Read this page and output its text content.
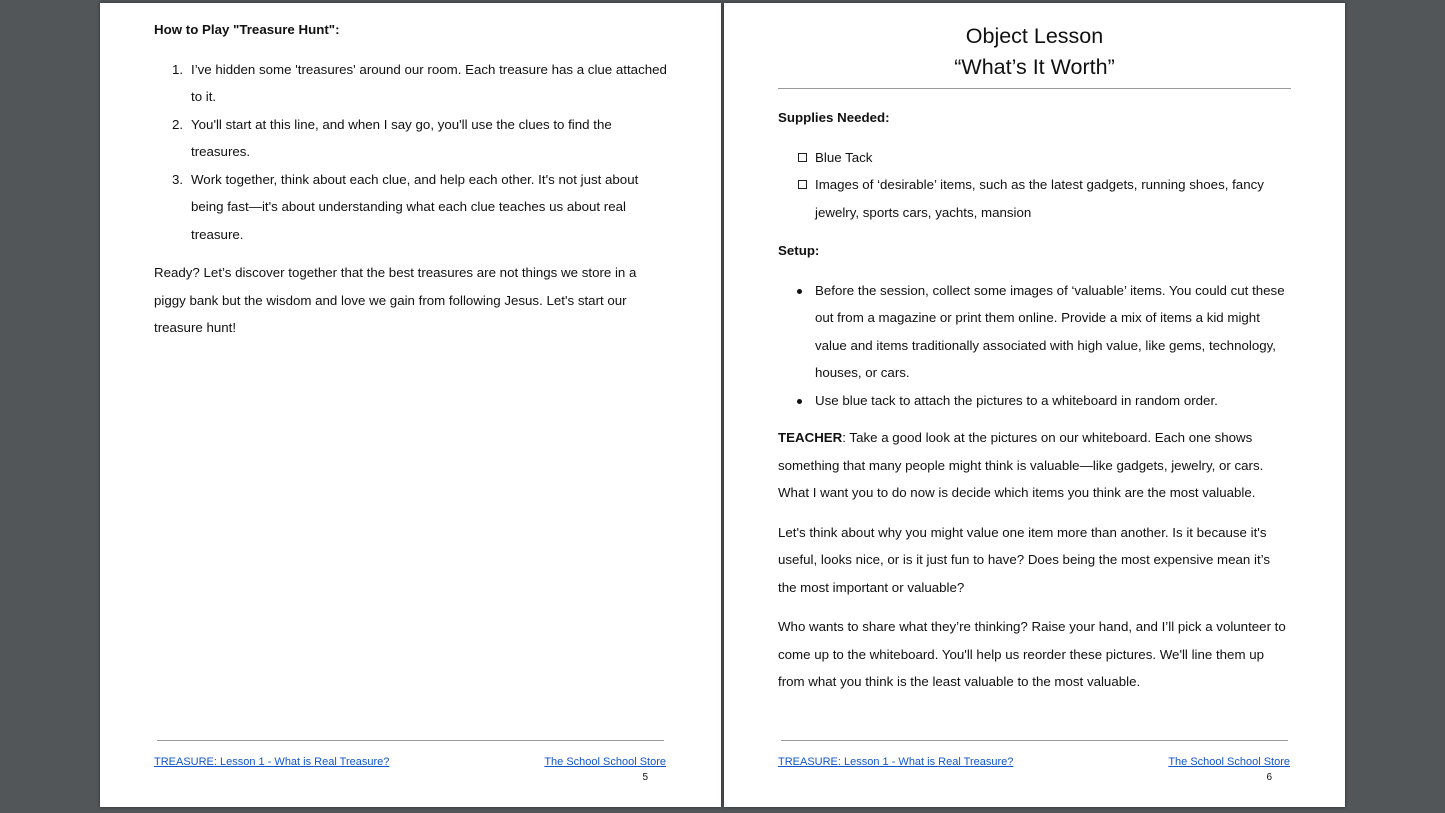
How to Play "Treasure Hunt":

1. I’ve hidden some 'treasures' around our room. Each treasure has a clue attached to it.
2. You'll start at this line, and when I say go, you'll use the clues to find the treasures.
3. Work together, think about each clue, and help each other. It's not just about being fast—it's about understanding what each clue teaches us about real treasure.

Ready? Let’s discover together that the best treasures are not things we store in a piggy bank but the wisdom and love we gain from following Jesus. Let's start our treasure hunt!

TREASURE: Lesson 1 - What is Real Treasure?	The School School Store
5
Object Lesson
“What’s It Worth”

Supplies Needed:

Blue Tack
Images of ‘desirable’ items, such as the latest gadgets, running shoes, fancy jewelry, sports cars, yachts, mansion

Setup:

Before the session, collect some images of ‘valuable’ items. You could cut these out from a magazine or print them online. Provide a mix of items a kid might value and items traditionally associated with high value, like gems, technology, houses, or cars.
Use blue tack to attach the pictures to a whiteboard in random order.

TEACHER: Take a good look at the pictures on our whiteboard. Each one shows something that many people might think is valuable—like gadgets, jewelry, or cars. What I want you to do now is decide which items you think are the most valuable.

Let's think about why you might value one item more than another. Is it because it's useful, looks nice, or is it just fun to have? Does being the most expensive mean it’s the most important or valuable?

Who wants to share what they’re thinking? Raise your hand, and I’ll pick a volunteer to come up to the whiteboard. You'll help us reorder these pictures. We'll line them up from what you think is the least valuable to the most valuable.

TREASURE: Lesson 1 - What is Real Treasure?	The School School Store
6
